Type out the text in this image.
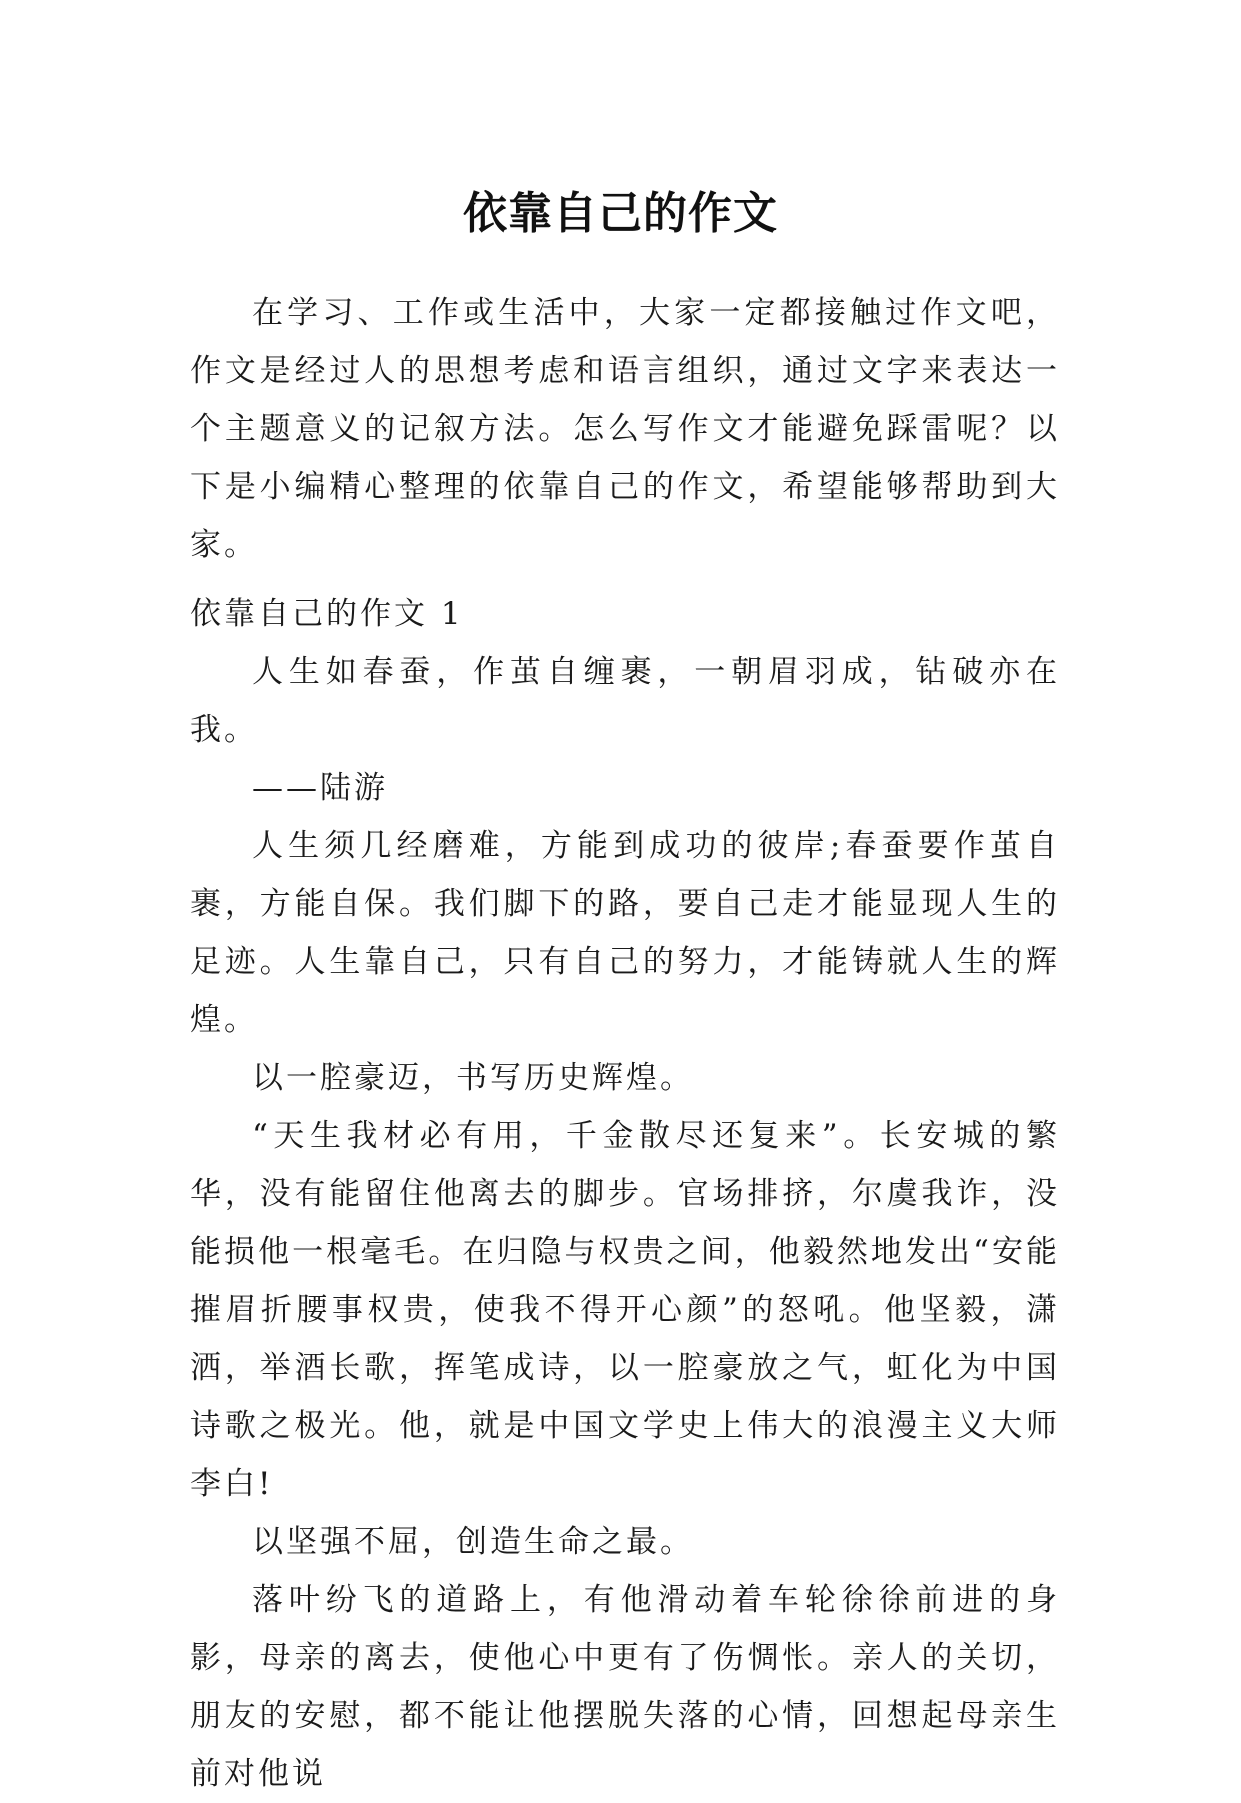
依靠自己的作文

在学习、工作或生活中，大家一定都接触过作文吧，作文是经过人的思想考虑和语言组织，通过文字来表达一个主题意义的记叙方法。怎么写作文才能避免踩雷呢？以下是小编精心整理的依靠自己的作文，希望能够帮助到大家。

依靠自己的作文 1

人生如春蚕，作茧自缠裹，一朝眉羽成，钻破亦在我。

——陆游

人生须几经磨难，方能到成功的彼岸;春蚕要作茧自裹，方能自保。我们脚下的路，要自己走才能显现人生的足迹。人生靠自己，只有自己的努力，才能铸就人生的辉煌。

以一腔豪迈，书写历史辉煌。

“天生我材必有用，千金散尽还复来”。长安城的繁华，没有能留住他离去的脚步。官场排挤，尔虞我诈，没能损他一根毫毛。在归隐与权贵之间，他毅然地发出“安能摧眉折腰事权贵，使我不得开心颜”的怒吼。他坚毅，潇洒，举酒长歌，挥笔成诗，以一腔豪放之气，虹化为中国诗歌之极光。他，就是中国文学史上伟大的浪漫主义大师李白!

以坚强不屈，创造生命之最。

落叶纷飞的道路上，有他滑动着车轮徐徐前进的身影，母亲的离去，使他心中更有了伤惆怅。亲人的关切，朋友的安慰，都不能让他摆脱失落的心情，回想起母亲生前对他说
